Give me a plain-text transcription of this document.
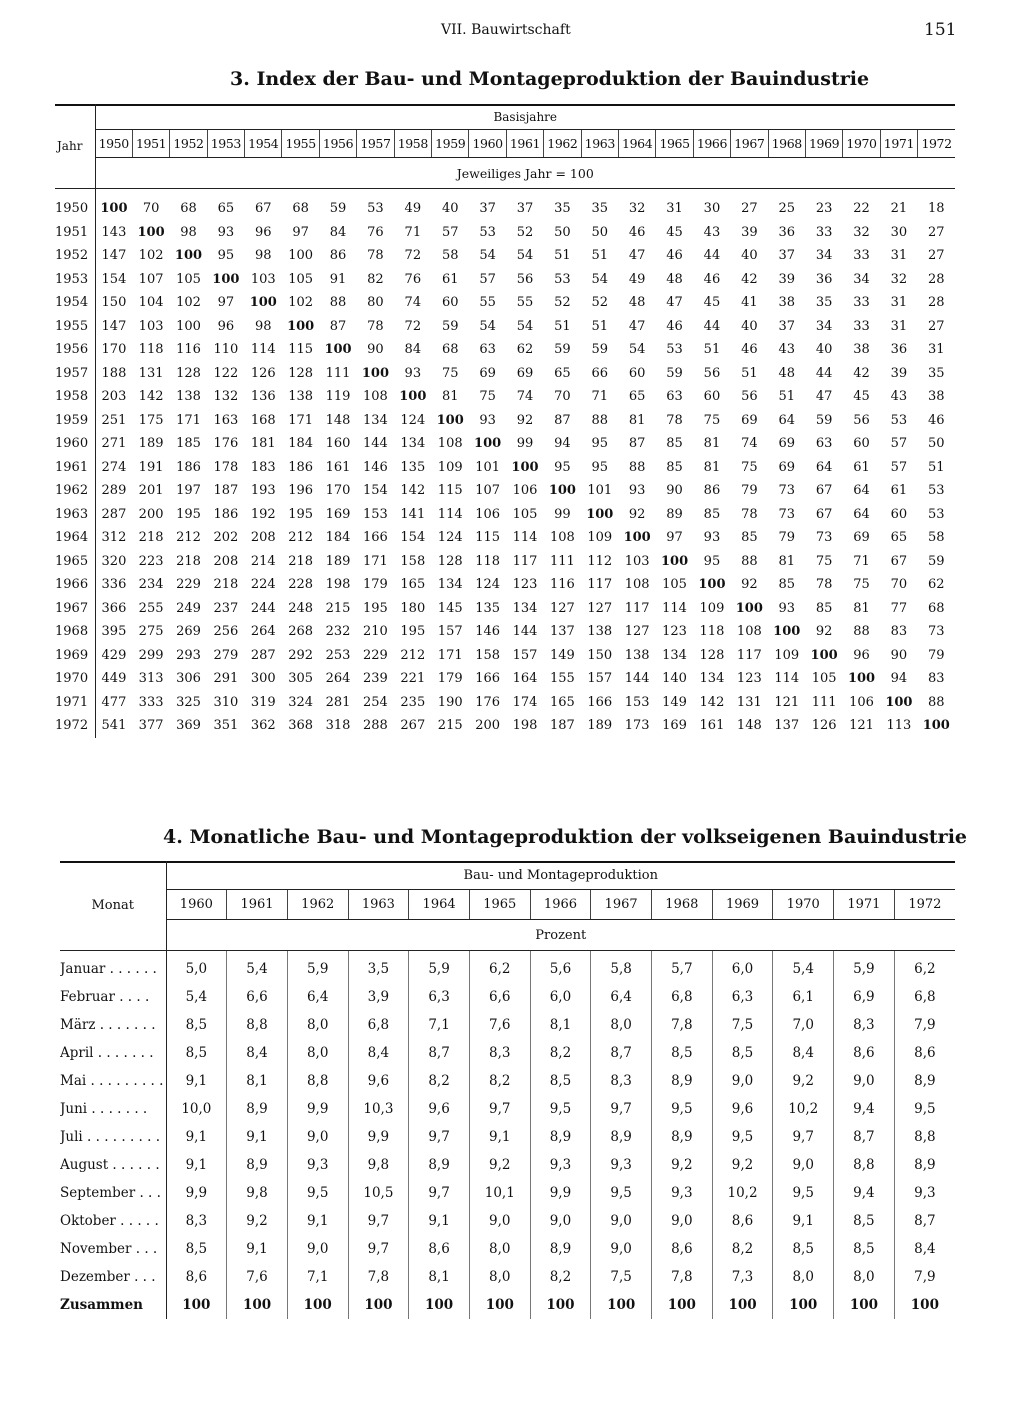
VII. Bauwirtschaft	151
3. Index der Bau- und Montageproduktion der Bauindustrie
Jahr	Basisjahre																						
	1950	1951	1952	1953	1954	1955	1956	1957	1958	1959	1960	1961	1962	1963	1964	1965	1966	1967	1968	1969	1970	1971	1972
	Jeweiliges Jahr = 100																						
1950	100	70	68	65	67	68	59	53	49	40	37	37	35	35	32	31	30	27	25	23	22	21	18
1951	143	100	98	93	96	97	84	76	71	57	53	52	50	50	46	45	43	39	36	33	32	30	27
1952	147	102	100	95	98	100	86	78	72	58	54	54	51	51	47	46	44	40	37	34	33	31	27
1953	154	107	105	100	103	105	91	82	76	61	57	56	53	54	49	48	46	42	39	36	34	32	28
1954	150	104	102	97	100	102	88	80	74	60	55	55	52	52	48	47	45	41	38	35	33	31	28
1955	147	103	100	96	98	100	87	78	72	59	54	54	51	51	47	46	44	40	37	34	33	31	27
1956	170	118	116	110	114	115	100	90	84	68	63	62	59	59	54	53	51	46	43	40	38	36	31
1957	188	131	128	122	126	128	111	100	93	75	69	69	65	66	60	59	56	51	48	44	42	39	35
1958	203	142	138	132	136	138	119	108	100	81	75	74	70	71	65	63	60	56	51	47	45	43	38
1959	251	175	171	163	168	171	148	134	124	100	93	92	87	88	81	78	75	69	64	59	56	53	46
1960	271	189	185	176	181	184	160	144	134	108	100	99	94	95	87	85	81	74	69	63	60	57	50
1961	274	191	186	178	183	186	161	146	135	109	101	100	95	95	88	85	81	75	69	64	61	57	51
1962	289	201	197	187	193	196	170	154	142	115	107	106	100	101	93	90	86	79	73	67	64	61	53
1963	287	200	195	186	192	195	169	153	141	114	106	105	99	100	92	89	85	78	73	67	64	60	53
1964	312	218	212	202	208	212	184	166	154	124	115	114	108	109	100	97	93	85	79	73	69	65	58
1965	320	223	218	208	214	218	189	171	158	128	118	117	111	112	103	100	95	88	81	75	71	67	59
1966	336	234	229	218	224	228	198	179	165	134	124	123	116	117	108	105	100	92	85	78	75	70	62
1967	366	255	249	237	244	248	215	195	180	145	135	134	127	127	117	114	109	100	93	85	81	77	68
1968	395	275	269	256	264	268	232	210	195	157	146	144	137	138	127	123	118	108	100	92	88	83	73
1969	429	299	293	279	287	292	253	229	212	171	158	157	149	150	138	134	128	117	109	100	96	90	79
1970	449	313	306	291	300	305	264	239	221	179	166	164	155	157	144	140	134	123	114	105	100	94	83
1971	477	333	325	310	319	324	281	254	235	190	176	174	165	166	153	149	142	131	121	111	106	100	88
1972	541	377	369	351	362	368	318	288	267	215	200	198	187	189	173	169	161	148	137	126	121	113	100
4. Monatliche Bau- und Montageproduktion der volkseigenen Bauindustrie
Monat	Bau- und Montageproduktion												
	1960	1961	1962	1963	1964	1965	1966	1967	1968	1969	1970	1971	1972
	Prozent												
Januar . . . . . .	5,0	5,4	5,9	3,5	5,9	6,2	5,6	5,8	5,7	6,0	5,4	5,9	6,2
Februar . . . .	5,4	6,6	6,4	3,9	6,3	6,6	6,0	6,4	6,8	6,3	6,1	6,9	6,8
März . . . . . . .	8,5	8,8	8,0	6,8	7,1	7,6	8,1	8,0	7,8	7,5	7,0	8,3	7,9
April . . . . . . .	8,5	8,4	8,0	8,4	8,7	8,3	8,2	8,7	8,5	8,5	8,4	8,6	8,6
Mai . . . . . . . . .	9,1	8,1	8,8	9,6	8,2	8,2	8,5	8,3	8,9	9,0	9,2	9,0	8,9
Juni . . . . . . .	10,0	8,9	9,9	10,3	9,6	9,7	9,5	9,7	9,5	9,6	10,2	9,4	9,5
Juli . . . . . . . . .	9,1	9,1	9,0	9,9	9,7	9,1	8,9	8,9	8,9	9,5	9,7	8,7	8,8
August . . . . . .	9,1	8,9	9,3	9,8	8,9	9,2	9,3	9,3	9,2	9,2	9,0	8,8	8,9
September . . .	9,9	9,8	9,5	10,5	9,7	10,1	9,9	9,5	9,3	10,2	9,5	9,4	9,3
Oktober . . . . .	8,3	9,2	9,1	9,7	9,1	9,0	9,0	9,0	9,0	8,6	9,1	8,5	8,7
November . . .	8,5	9,1	9,0	9,7	8,6	8,0	8,9	9,0	8,6	8,2	8,5	8,5	8,4
Dezember . . .	8,6	7,6	7,1	7,8	8,1	8,0	8,2	7,5	7,8	7,3	8,0	8,0	7,9
Zusammen	100	100	100	100	100	100	100	100	100	100	100	100	100
